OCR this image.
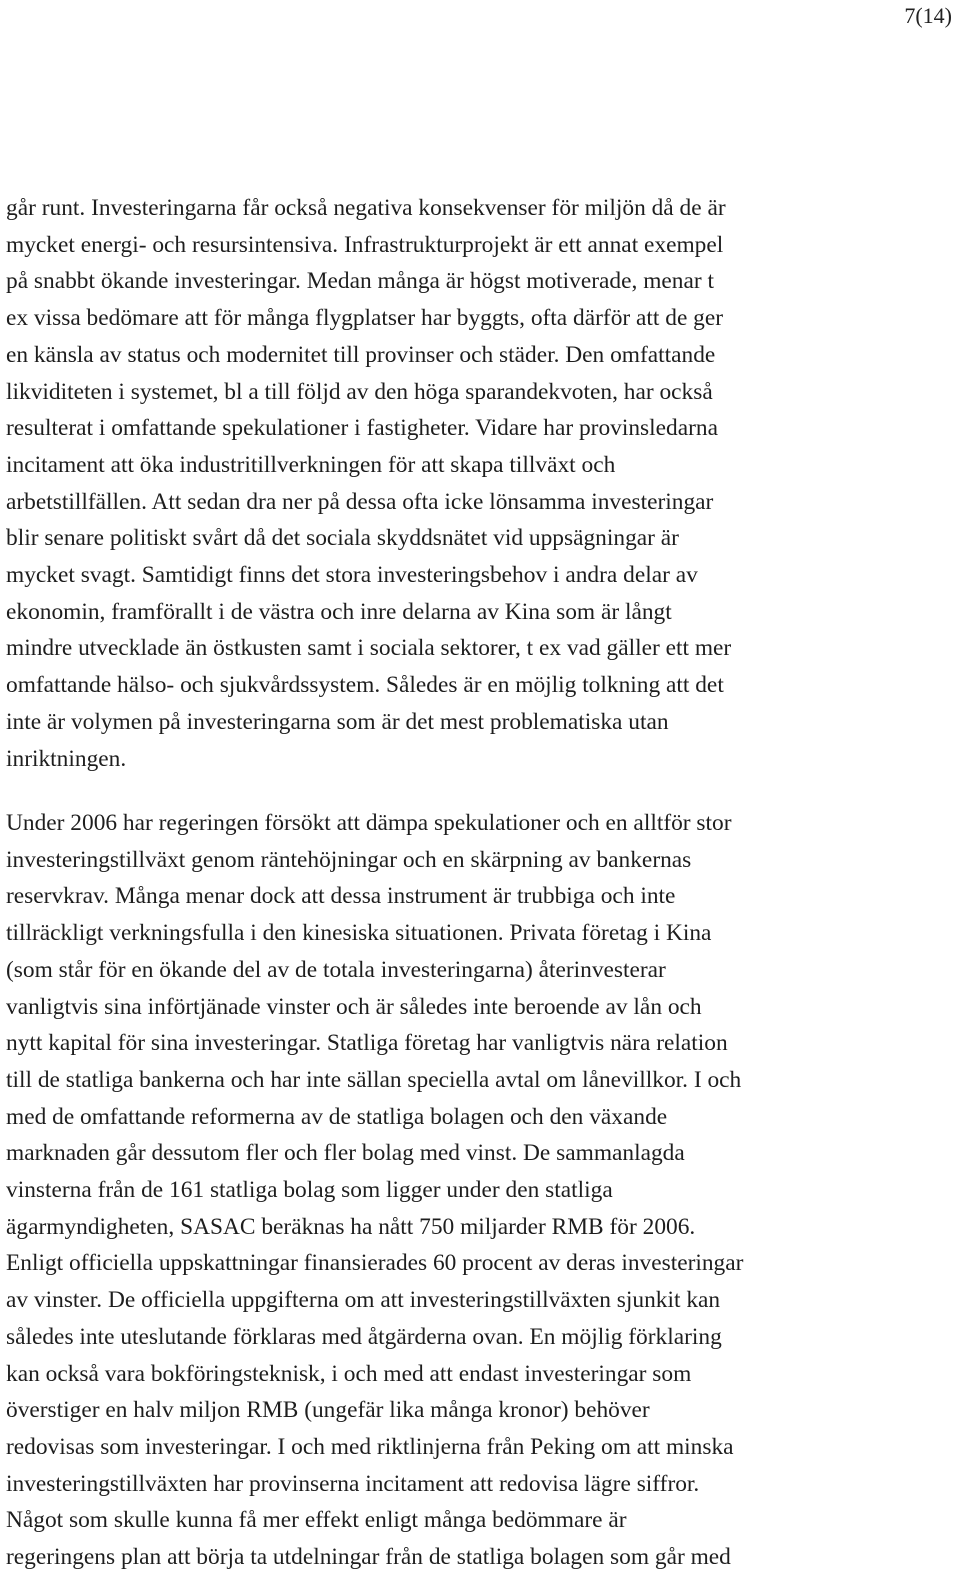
7(14)
går runt. Investeringarna får också negativa konsekvenser för miljön då de är
mycket energi- och resursintensiva. Infrastrukturprojekt är ett annat exempel
på snabbt ökande investeringar. Medan många är högst motiverade, menar t
ex vissa bedömare att för många flygplatser har byggts, ofta därför att de ger
en känsla av status och modernitet till provinser och städer. Den omfattande
likviditeten i systemet, bl a till följd av den höga sparandekvoten, har också
resulterat i omfattande spekulationer i fastigheter. Vidare har provinsledarna
incitament att öka industritillverkningen för att skapa tillväxt och
arbetstillfällen. Att sedan dra ner på dessa ofta icke lönsamma investeringar
blir senare politiskt svårt då det sociala skyddsnätet vid uppsägningar är
mycket svagt. Samtidigt finns det stora investeringsbehov i andra delar av
ekonomin, framförallt i de västra och inre delarna av Kina som är långt
mindre utvecklade än östkusten samt i sociala sektorer, t ex vad gäller ett mer
omfattande hälso- och sjukvårdssystem. Således är en möjlig tolkning att det
inte är volymen på investeringarna som är det mest problematiska utan
inriktningen.
Under 2006 har regeringen försökt att dämpa spekulationer och en alltför stor
investeringstillväxt genom räntehöjningar och en skärpning av bankernas
reservkrav. Många menar dock att dessa instrument är trubbiga och inte
tillräckligt verkningsfulla i den kinesiska situationen. Privata företag i Kina
(som står för en ökande del av de totala investeringarna) återinvesterar
vanligtvis sina införtjänade vinster och är således inte beroende av lån och
nytt kapital för sina investeringar. Statliga företag har vanligtvis nära relation
till de statliga bankerna och har inte sällan speciella avtal om lånevillkor. I och
med de omfattande reformerna av de statliga bolagen och den växande
marknaden går dessutom fler och fler bolag med vinst. De sammanlagda
vinsterna från de 161 statliga bolag som ligger under den statliga
ägarmyndigheten, SASAC beräknas ha nått 750 miljarder RMB för 2006.
Enligt officiella uppskattningar finansierades 60 procent av deras investeringar
av vinster. De officiella uppgifterna om att investeringstillväxten sjunkit kan
således inte uteslutande förklaras med åtgärderna ovan. En möjlig förklaring
kan också vara bokföringsteknisk, i och med att endast investeringar som
överstiger en halv miljon RMB (ungefär lika många kronor) behöver
redovisas som investeringar. I och med riktlinjerna från Peking om att minska
investeringstillväxten har provinserna incitament att redovisa lägre siffror.
Något som skulle kunna få mer effekt enligt många bedömmare är
regeringens plan att börja ta utdelningar från de statliga bolagen som går med
